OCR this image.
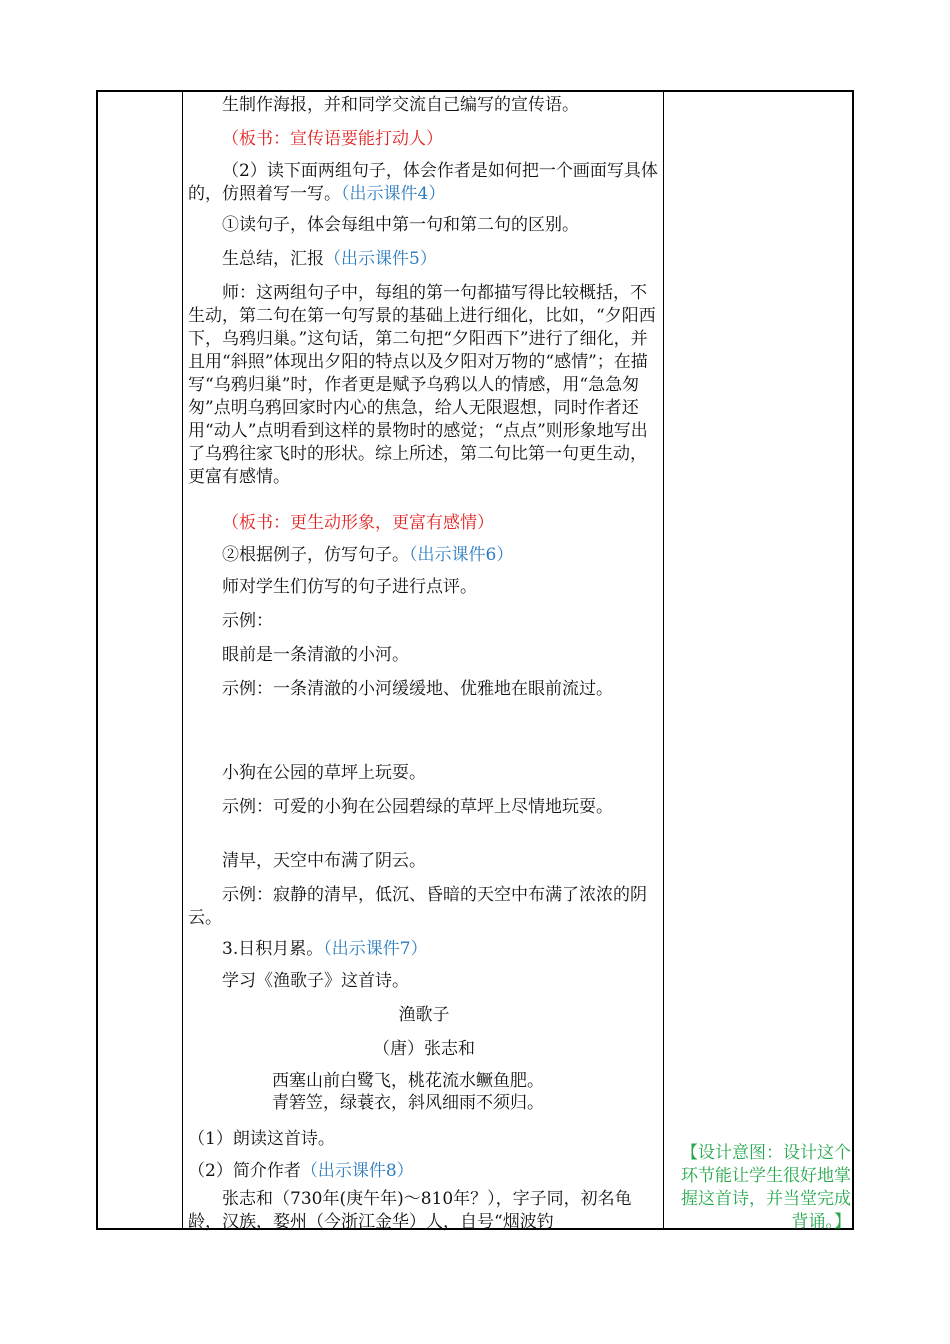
生制作海报，并和同学交流自己编写的宣传语。

（板书：宣传语要能打动人）

（2）读下面两组句子，体会作者是如何把一个画面写具体的，仿照着写一写。（出示课件4）

①读句子，体会每组中第一句和第二句的区别。

生总结，汇报（出示课件5）

师：这两组句子中，每组的第一句都描写得比较概括，不生动，第二句在第一句写景的基础上进行细化，比如，“夕阳西下，乌鸦归巢。”这句话，第二句把“夕阳西下”进行了细化，并且用“斜照”体现出夕阳的特点以及夕阳对万物的“感情”；在描写“乌鸦归巢”时，作者更是赋予乌鸦以人的情感，用“急急匆匆”点明乌鸦回家时内心的焦急，给人无限遐想，同时作者还用“动人”点明看到这样的景物时的感觉；“点点”则形象地写出了乌鸦往家飞时的形状。综上所述，第二句比第一句更生动，更富有感情。

（板书：更生动形象，更富有感情）

②根据例子，仿写句子。（出示课件6）

师对学生们仿写的句子进行点评。

示例：

眼前是一条清澈的小河。

示例：一条清澈的小河缓缓地、优雅地在眼前流过。

小狗在公园的草坪上玩耍。

示例：可爱的小狗在公园碧绿的草坪上尽情地玩耍。

清早，天空中布满了阴云。

示例：寂静的清早，低沉、昏暗的天空中布满了浓浓的阴云。

3.日积月累。（出示课件7）

学习《渔歌子》这首诗。

渔歌子

（唐）张志和

西塞山前白鹭飞，桃花流水鳜鱼肥。

青箬笠，绿蓑衣，斜风细雨不须归。

（1）朗读这首诗。

（2）简介作者（出示课件8）

张志和（730年(庚午年)～810年？），字子同，初名龟龄，汉族，婺州（今浙江金华）人，自号“烟波钓

【设计意图：设计这个环节能让学生很好地掌握这首诗，并当堂完成背诵。】
